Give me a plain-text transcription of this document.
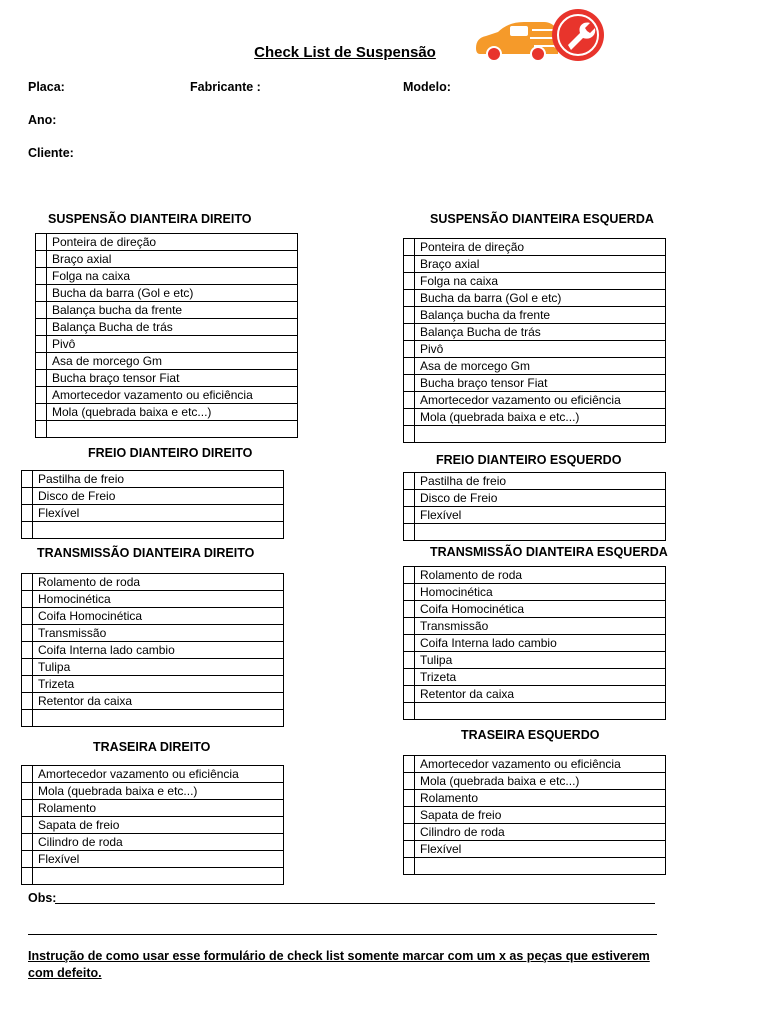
Check List de Suspensão
Placa:	Fabricante :	Modelo:
Ano:
Cliente:
SUSPENSÃO DIANTEIRA DIREITO	SUSPENSÃO DIANTEIRA ESQUERDA
FREIO DIANTEIRO DIREITO	FREIO DIANTEIRO ESQUERDO
TRANSMISSÃO DIANTEIRA DIREITO	TRANSMISSÃO DIANTEIRA ESQUERDA
TRASEIRA DIREITO
TRASEIRA ESQUERDO
	Ponteira de direção
	Braço axial
	Folga na caixa
	Bucha da barra (Gol e etc)
	Balança bucha da frente
	Balança Bucha de trás
	Pivô
	Asa de morcego Gm
	Bucha braço tensor Fiat
	Amortecedor vazamento ou eficiência
	Mola (quebrada baixa e etc...)

	Ponteira de direção
	Braço axial
	Folga na caixa
	Bucha da barra (Gol e etc)
	Balança bucha da frente
	Balança Bucha de trás
	Pivô
	Asa de morcego Gm
	Bucha braço tensor Fiat
	Amortecedor vazamento ou eficiência
	Mola (quebrada baixa e etc...)

	Pastilha de freio
	Disco de Freio
	Flexível

	Pastilha de freio
	Disco de Freio
	Flexível

	Rolamento de roda
	Homocinética
	Coifa Homocinética
	Transmissão
	Coifa Interna lado cambio
	Tulipa
	Trizeta
	Retentor da caixa

	Rolamento de roda
	Homocinética
	Coifa Homocinética
	Transmissão
	Coifa Interna lado cambio
	Tulipa
	Trizeta
	Retentor da caixa

	Amortecedor vazamento ou eficiência
	Mola (quebrada baixa e etc...)
	Rolamento
	Sapata de freio
	Cilindro de roda
	Flexível

	Amortecedor vazamento ou eficiência
	Mola (quebrada baixa e etc...)
	Rolamento
	Sapata de freio
	Cilindro de roda
	Flexível

Obs:
Instrução de como usar esse formulário de check list somente marcar com um x as peças que estiverem
com defeito.
